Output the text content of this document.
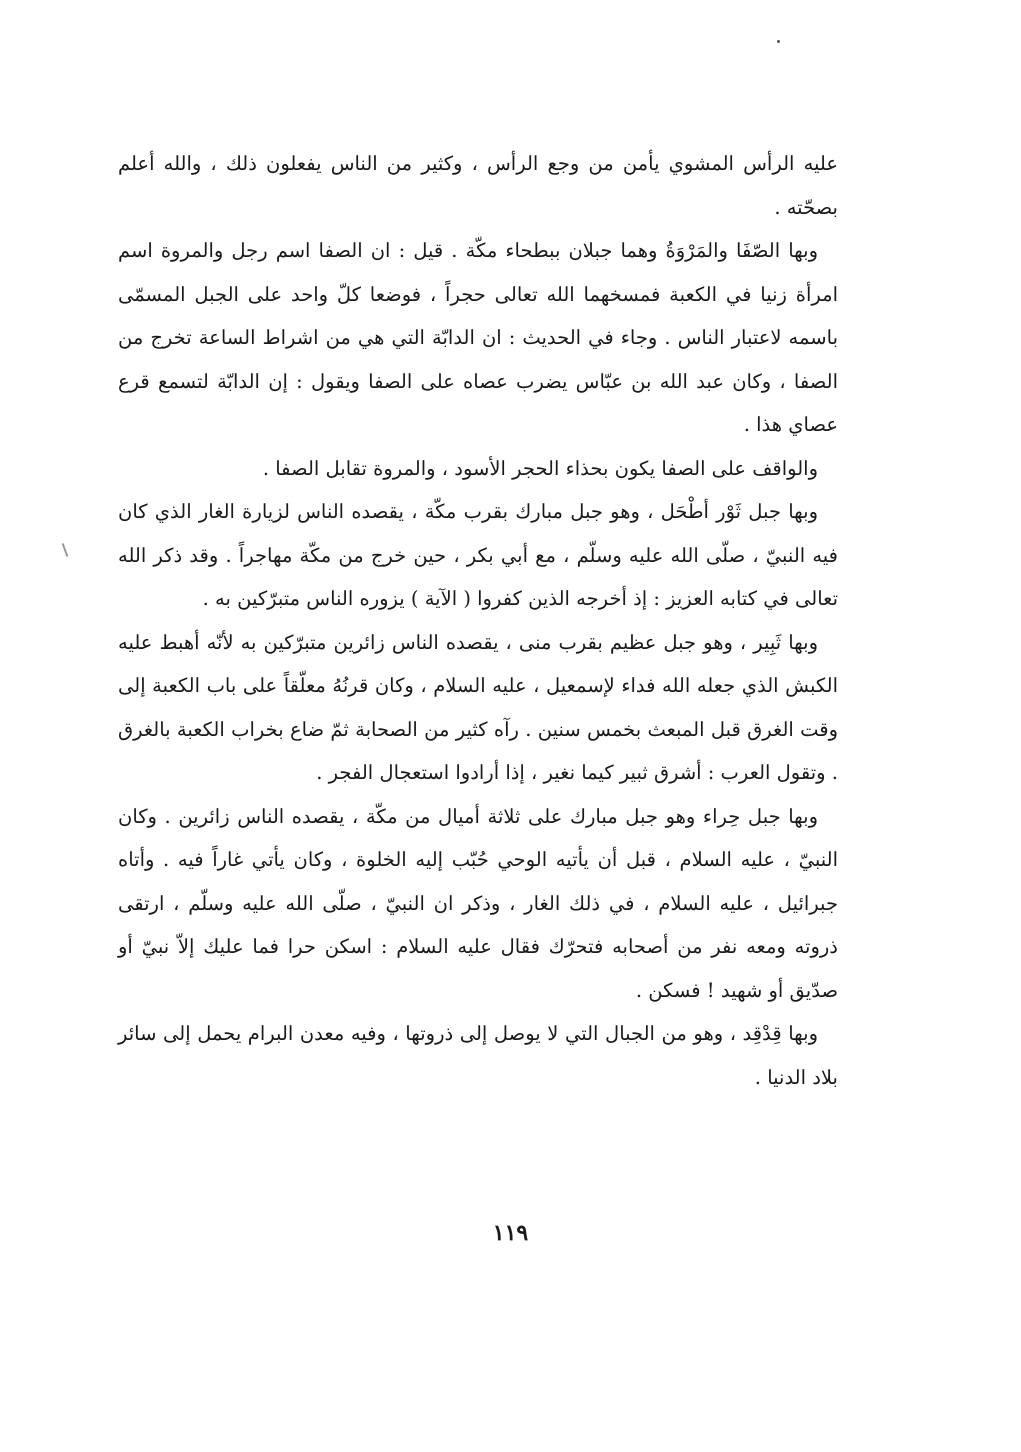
عليه الرأس المشوي يأمن من وجع الرأس ، وكثير من الناس يفعلون ذلك ، والله أعلم بصحّته .

وبها الصّفَا والمَرْوَةُ وهما جبلان ببطحاء مكّة . قيل : ان الصفا اسم رجل والمروة اسم امرأة زنيا في الكعبة فمسخهما الله تعالى حجراً ، فوضعا كلّ واحد على الجبل المسمّى باسمه لاعتبار الناس . وجاء في الحديث : ان الدابّة التي هي من اشراط الساعة تخرج من الصفا ، وكان عبد الله بن عبّاس يضرب عصاه على الصفا ويقول : إن الدابّة لتسمع قرع عصاي هذا .

والواقف على الصفا يكون بحذاء الحجر الأسود ، والمروة تقابل الصفا .

وبها جبل ثَوْر أطْحَل ، وهو جبل مبارك بقرب مكّة ، يقصده الناس لزيارة الغار الذي كان فيه النبيّ ، صلّى الله عليه وسلّم ، مع أبي بكر ، حين خرج من مكّة مهاجراً . وقد ذكر الله تعالى في كتابه العزيز : إذ أخرجه الذين كفروا ( الآية ) يزوره الناس متبرّكين به .

وبها ثَبِير ، وهو جبل عظيم بقرب منى ، يقصده الناس زائرين متبرّكين به لأنّه أهبط عليه الكبش الذي جعله الله فداء لإسمعيل ، عليه السلام ، وكان قرنُهُ معلّقاً على باب الكعبة إلى وقت الغرق قبل المبعث بخمس سنين . رآه كثير من الصحابة ثمّ ضاع بخراب الكعبة بالغرق . وتقول العرب : أشرق ثبير كيما نغير ، إذا أرادوا استعجال الفجر .

وبها جبل حِراء وهو جبل مبارك على ثلاثة أميال من مكّة ، يقصده الناس زائرين . وكان النبيّ ، عليه السلام ، قبل أن يأتيه الوحي حُبّب إليه الخلوة ، وكان يأتي غاراً فيه . وأتاه جبرائيل ، عليه السلام ، في ذلك الغار ، وذكر ان النبيّ ، صلّى الله عليه وسلّم ، ارتقى ذروته ومعه نفر من أصحابه فتحرّك فقال عليه السلام : اسكن حرا فما عليك إلاّ نبيّ أو صدّيق أو شهيد ! فسكن .

وبها قِدْقِد ، وهو من الجبال التي لا يوصل إلى ذروتها ، وفيه معدن البرام يحمل إلى سائر بلاد الدنيا .

١١٩
